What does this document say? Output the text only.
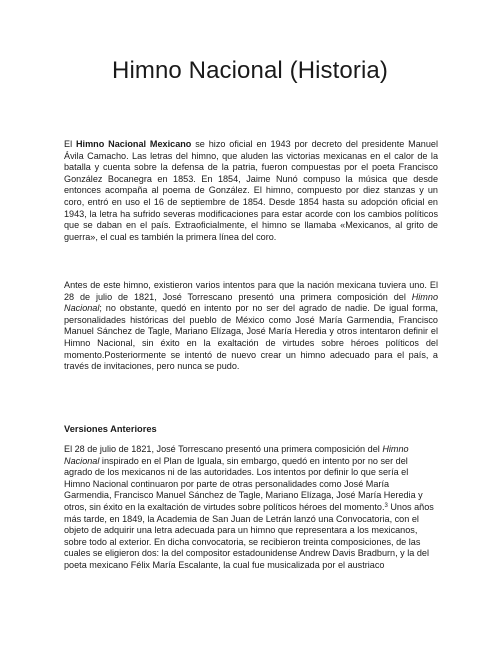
Himno Nacional (Historia)

El Himno Nacional Mexicano se hizo oficial en 1943 por decreto del presidente Manuel Ávila Camacho. Las letras del himno, que aluden las victorias mexicanas en el calor de la batalla y cuenta sobre la defensa de la patria, fueron compuestas por el poeta Francisco González Bocanegra en 1853. En 1854, Jaime Nunó compuso la música que desde entonces acompaña al poema de González. El himno, compuesto por diez stanzas y un coro, entró en uso el 16 de septiembre de 1854. Desde 1854 hasta su adopción oficial en 1943, la letra ha sufrido severas modificaciones para estar acorde con los cambios políticos que se daban en el país. Extraoficialmente, el himno se llamaba «Mexicanos, al grito de guerra», el cual es también la primera línea del coro.

Antes de este himno, existieron varios intentos para que la nación mexicana tuviera uno. El 28 de julio de 1821, José Torrescano presentó una primera composición del Himno Nacional; no obstante, quedó en intento por no ser del agrado de nadie. De igual forma, personalidades históricas del pueblo de México como José María Garmendia, Francisco Manuel Sánchez de Tagle, Mariano Elízaga, José María Heredia y otros intentaron definir el Himno Nacional, sin éxito en la exaltación de virtudes sobre héroes políticos del momento.Posteriormente se intentó de nuevo crear un himno adecuado para el país, a través de invitaciones, pero nunca se pudo.

Versiones Anteriores

El 28 de julio de 1821, José Torrescano presentó una primera composición del Himno Nacional inspirado en el Plan de Iguala, sin embargo, quedó en intento por no ser del agrado de los mexicanos ni de las autoridades. Los intentos por definir lo que sería el Himno Nacional continuaron por parte de otras personalidades como José María Garmendia, Francisco Manuel Sánchez de Tagle, Mariano Elízaga, José María Heredia y otros, sin éxito en la exaltación de virtudes sobre políticos héroes del momento.$^3$ Unos años más tarde, en 1849, la Academia de San Juan de Letrán lanzó una Convocatoria, con el objeto de adquirir una letra adecuada para un himno que representara a los mexicanos, sobre todo al exterior. En dicha convocatoria, se recibieron treinta composiciones, de las cuales se eligieron dos: la del compositor estadounidense Andrew Davis Bradburn, y la del poeta mexicano Félix María Escalante, la cual fue musicalizada por el austriaco
